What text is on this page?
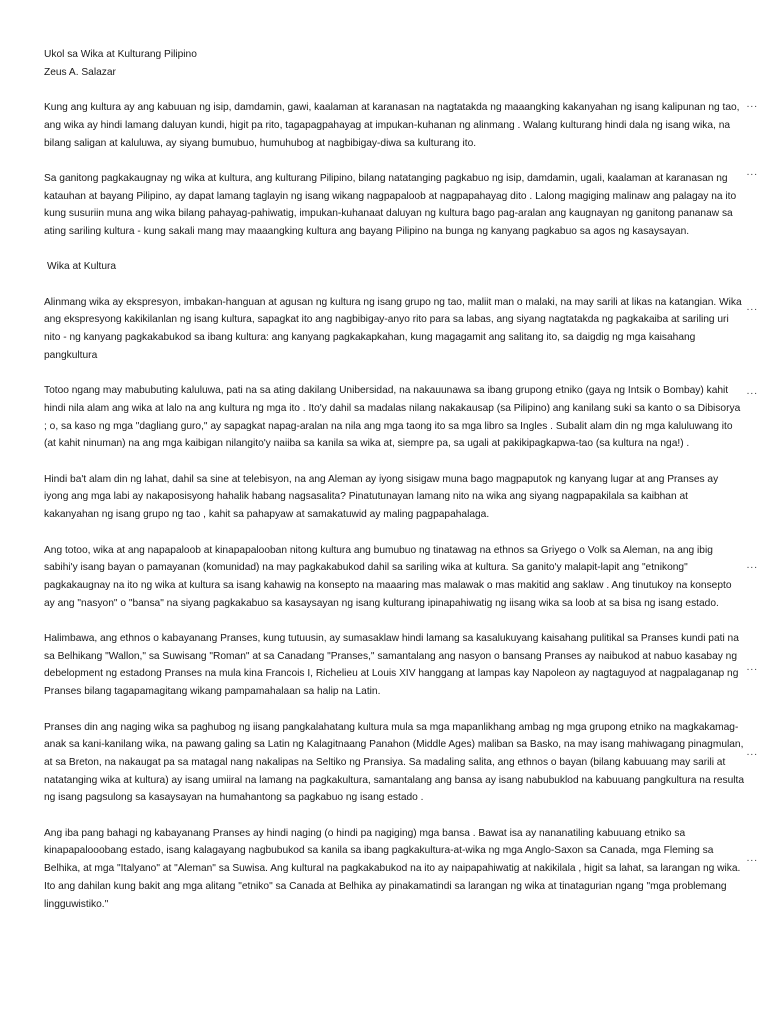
Ukol sa Wika at Kulturang Pilipino

Zeus A. Salazar

Kung ang kultura ay ang kabuuan ng isip, damdamin, gawi, kaalaman at karanasan na nagtatakda ng maaangking kakanyahan ng isang kalipunan ng tao, ang wika ay hindi lamang daluyan kundi, higit pa rito, tagapagpahayag at impukan-kuhanan ng alinmang . Walang kulturang hindi dala ng isang wika, na bilang saligan at kaluluwa, ay siyang bumubuo, humuhubog at nagbibigay-diwa sa kulturang ito.

Sa ganitong pagkakaugnay ng wika at kultura, ang kulturang Pilipino, bilang natatanging pagkabuo ng isip, damdamin, ugali, kaalaman at karanasan ng katauhan at bayang Pilipino, ay dapat lamang taglayin ng isang wikang nagpapaloob at nagpapahayag dito . Lalong magiging malinaw ang palagay na ito kung susuriin muna ang wika bilang pahayag-pahiwatig, impukan-kuhanaat daluyan ng kultura bago pag-aralan ang kaugnayan ng ganitong pananaw sa ating sariling kultura - kung sakali mang may maaangking kultura ang bayang Pilipino na bunga ng kanyang pagkabuo sa agos ng kasaysayan.

Wika at Kultura

Alinmang wika ay ekspresyon, imbakan-hanguan at agusan ng kultura ng isang grupo ng tao, maliit man o malaki, na may sarili at likas na katangian. Wika ang ekspresyong kakikilanlan ng isang kultura, sapagkat ito ang nagbibigay-anyo rito para sa labas, ang siyang nagtatakda ng pagkakaiba at sariling uri nito - ng kanyang pagkakabukod sa ibang kultura: ang kanyang pagkakapkahan, kung magagamit ang salitang ito, sa daigdig ng mga kaisahang pangkultura

Totoo ngang may mabubuting kaluluwa, pati na sa ating dakilang Unibersidad, na nakauunawa sa ibang grupong etniko (gaya ng Intsik o Bombay) kahit hindi nila alam ang wika at lalo na ang kultura ng mga ito . Ito'y dahil sa madalas nilang nakakausap (sa Pilipino) ang kanilang suki sa kanto o sa Dibisorya ; o, sa kaso ng mga "dagliang guro," ay sapagkat napag-aralan na nila ang mga taong ito sa mga libro sa Ingles . Subalit alam din ng mga kaluluwang ito (at kahit ninuman) na ang mga kaibigan nilangito'y naiiba sa kanila sa wika at, siempre pa, sa ugali at pakikipagkapwa-tao (sa kultura na nga!) .

Hindi ba't alam din ng lahat, dahil sa sine at telebisyon, na ang Aleman ay iyong sisigaw muna bago magpaputok ng kanyang lugar at ang Pranses ay iyong ang mga labi ay nakaposisyong hahalik habang nagsasalita? Pinatutunayan lamang nito na wika ang siyang nagpapakilala sa kaibhan at kakanyahan ng isang grupo ng tao , kahit sa pahapyaw at samakatuwid ay maling pagpapahalaga.

Ang totoo, wika at ang napapaloob at kinapapalooban nitong kultura ang bumubuo ng tinatawag na ethnos sa Griyego o Volk sa Aleman, na ang ibig sabihi'y isang bayan o pamayanan (komunidad) na may pagkakabukod dahil sa sariling wika at kultura. Sa ganito'y malapit-lapit ang "etnikong" pagkakaugnay na ito ng wika at kultura sa isang kahawig na konsepto na maaaring mas malawak o mas makitid ang saklaw . Ang tinutukoy na konsepto ay ang "nasyon" o "bansa" na siyang pagkakabuo sa kasaysayan ng isang kulturang ipinapahiwatig ng iisang wika sa loob at sa bisa ng isang estado.

Halimbawa, ang ethnos o kabayanang Pranses, kung tutuusin, ay sumasaklaw hindi lamang sa kasalukuyang kaisahang pulitikal sa Pranses kundi pati na sa Belhikang "Wallon," sa Suwisang "Roman" at sa Canadang "Pranses," samantalang ang nasyon o bansang Pranses ay naibukod at nabuo kasabay ng debelopment ng estadong Pranses na mula kina Francois I, Richelieu at Louis XIV hanggang at lampas kay Napoleon ay nagtaguyod at nagpalaganap ng Pranses bilang tagapamagitang wikang pampamahalaan sa halip na Latin.

Pranses din ang naging wika sa paghubog ng iisang pangkalahatang kultura mula sa mga mapanlikhang ambag ng mga grupong etniko na magkakamag-anak sa kani-kanilang wika, na pawang galing sa Latin ng Kalagitnaang Panahon (Middle Ages) maliban sa Basko, na may isang mahiwagang pinagmulan, at sa Breton, na nakaugat pa sa matagal nang nakalipas na Seltiko ng Pransiya. Sa madaling salita, ang ethnos o bayan (bilang kabuuang may sarili at natatanging wika at kultura) ay isang umiiral na lamang na pagkakultura, samantalang ang bansa ay isang nabubuklod na kabuuang pangkultura na resulta ng isang pagsulong sa kasaysayan na humahantong sa pagkabuo ng isang estado .

Ang iba pang bahagi ng kabayanang Pranses ay hindi naging (o hindi pa nagiging) mga bansa . Bawat isa ay nananatiling kabuuang etniko sa kinapapalooobang estado, isang kalagayang nagbubukod sa kanila sa ibang pagkakultura-at-wika ng mga Anglo-Saxon sa Canada, mga Fleming sa Belhika, at mga "Italyano" at "Aleman" sa Suwisa. Ang kultural na pagkakabukod na ito ay naipapahiwatig at nakikilala , higit sa lahat, sa larangan ng wika. Ito ang dahilan kung bakit ang mga alitang "etniko" sa Canada at Belhika ay pinakamatindi sa larangan ng wika at tinatagurian ngang "mga problemang lingguwistiko."

...
...
...
...
...
...
...
...
